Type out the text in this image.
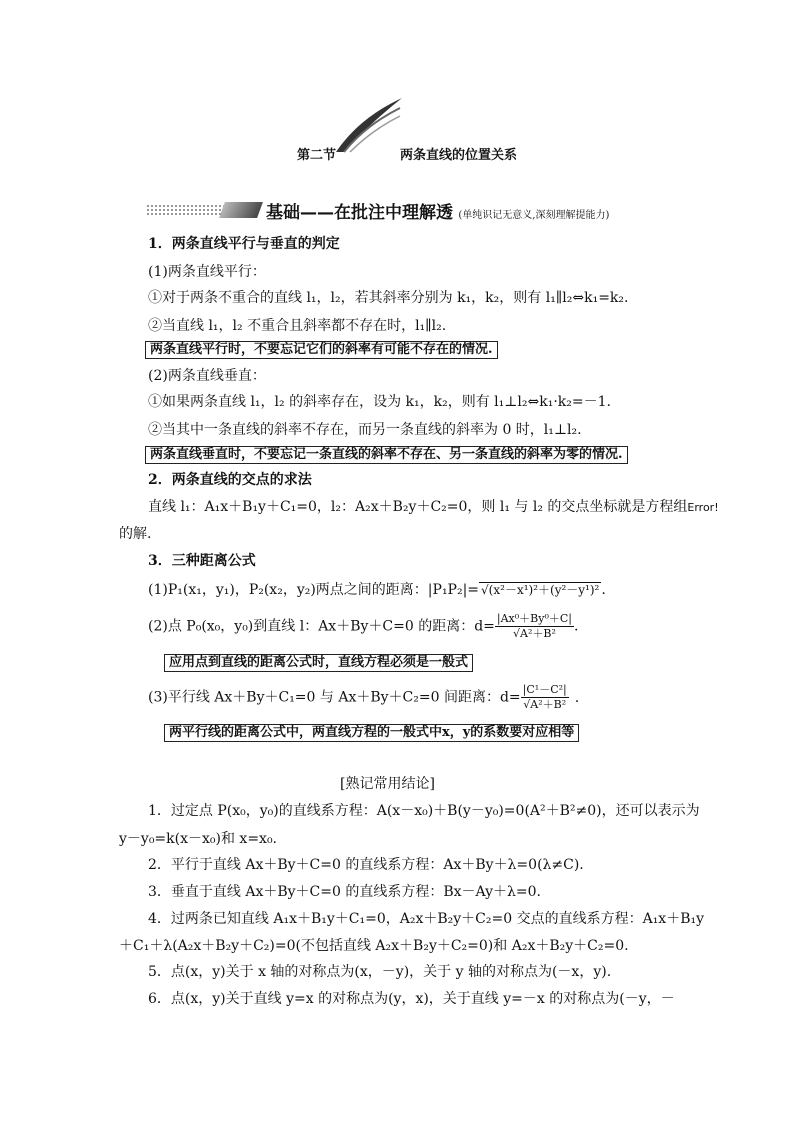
第二节	两条直线的位置关系
基础——在批注中理解透 (单纯识记无意义,深刻理解提能力)
1．两条直线平行与垂直的判定
(1)两条直线平行：
①对于两条不重合的直线 l₁，l₂，若其斜率分别为 k₁，k₂，则有 l₁∥l₂⇔k₁=k₂.
②当直线 l₁，l₂ 不重合且斜率都不存在时，l₁∥l₂.
两条直线平行时，不要忘记它们的斜率有可能不存在的情况.
(2)两条直线垂直：
①如果两条直线 l₁，l₂ 的斜率存在，设为 k₁，k₂，则有 l₁⊥l₂⇔k₁·k₂=－1.
②当其中一条直线的斜率不存在，而另一条直线的斜率为 0 时，l₁⊥l₂.
两条直线垂直时，不要忘记一条直线的斜率不存在、另一条直线的斜率为零的情况.
2．两条直线的交点的求法
直线 l₁：A₁x＋B₁y＋C₁=0，l₂：A₂x＋B₂y＋C₂=0，则 l₁ 与 l₂ 的交点坐标就是方程组Error!
的解.
3．三种距离公式
(1)P₁(x₁，y₁)，P₂(x₂，y₂)两点之间的距离：|P₁P₂|= √(x²－x¹)²＋(y²－y¹)² .
(2)点 P₀(x₀，y₀)到直线 l：Ax＋By＋C=0 的距离：$d= \frac{\text{|Ax⁰＋By⁰＋C|}}{\text{√A²＋B²}}$ .
应用点到直线的距离公式时，直线方程必须是一般式
(3)平行线 Ax＋By＋C₁=0 与 Ax＋By＋C₂=0 间距离：$d= \frac{\text{|C¹－C²|}}{\text{√A²＋B²}}$ .
两平行线的距离公式中，两直线方程的一般式中x，y的系数要对应相等
[熟记常用结论]
1．过定点 P(x₀，y₀)的直线系方程：A(x－x₀)＋B(y－y₀)=0(A²＋B²≠0)，还可以表示为
y－y₀=k(x－x₀)和 x=x₀.
2．平行于直线 Ax＋By＋C=0 的直线系方程：Ax＋By＋λ=0(λ≠C).
3．垂直于直线 Ax＋By＋C=0 的直线系方程：Bx－Ay＋λ=0.
4．过两条已知直线 A₁x＋B₁y＋C₁=0，A₂x＋B₂y＋C₂=0 交点的直线系方程：A₁x＋B₁y
＋C₁＋λ(A₂x＋B₂y＋C₂)=0(不包括直线 A₂x＋B₂y＋C₂=0)和 A₂x＋B₂y＋C₂=0.
5．点(x，y)关于 x 轴的对称点为(x，－y)，关于 y 轴的对称点为(－x，y).
6．点(x，y)关于直线 y=x 的对称点为(y，x)，关于直线 y=－x 的对称点为(－y，－
